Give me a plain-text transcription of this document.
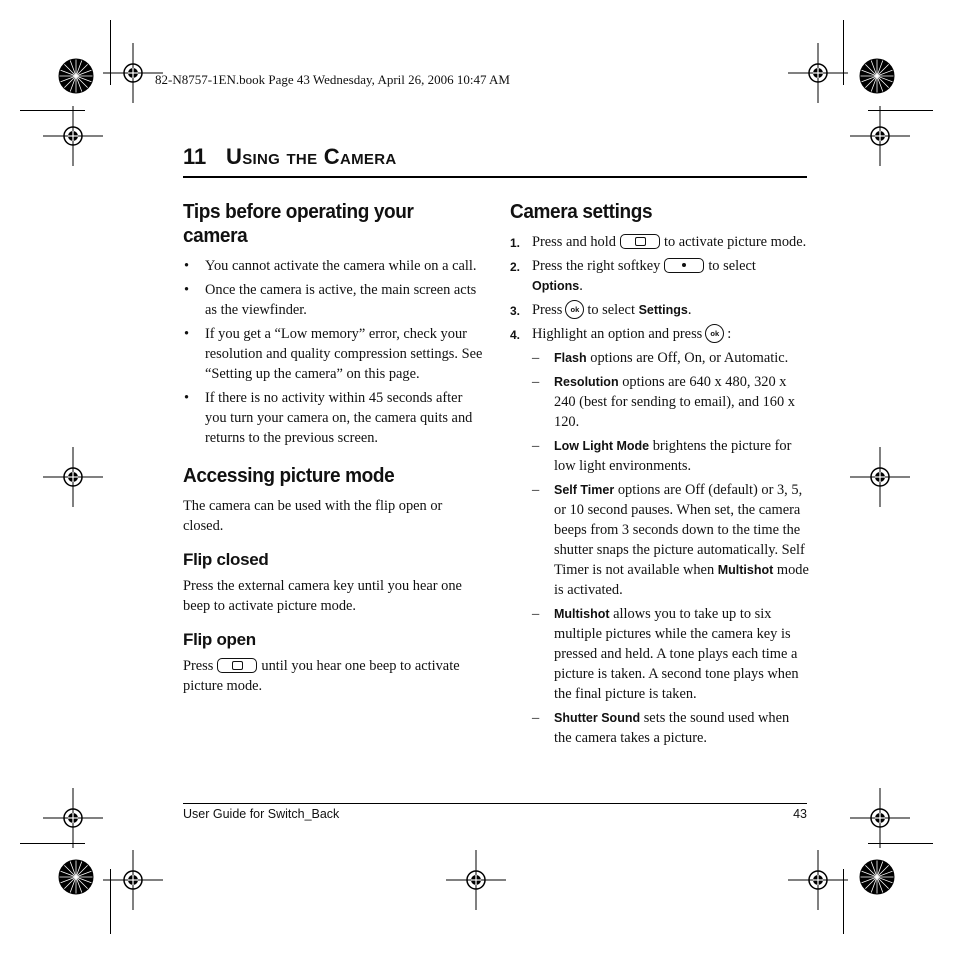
82-N8757-1EN.book Page 43 Wednesday, April 26, 2006 10:47 AM
11 Using the Camera
Tips before operating your camera
• You cannot activate the camera while on a call.
• Once the camera is active, the main screen acts as the viewfinder.
• If you get a “Low memory” error, check your resolution and quality compression settings. See “Setting up the camera” on this page.
• If there is no activity within 45 seconds after you turn your camera on, the camera quits and returns to the previous screen.
Accessing picture mode

The camera can be used with the flip open or closed.

Flip closed

Press the external camera key until you hear one beep to activate picture mode.

Flip open

Press	until you hear one beep to activate picture mode.

Camera settings
1. Press and hold	to activate picture mode.
2. Press the right softkey	to select Options.
3. Press ok to select Settings.
4. Highlight an option and press ok :
– Flash options are Off, On, or Automatic.
– Resolution options are 640 x 480, 320 x 240 (best for sending to email), and 160 x 120.
– Low Light Mode brightens the picture for low light environments.
– Self Timer options are Off (default) or 3, 5, or 10 second pauses. When set, the camera beeps from 3 seconds down to the time the shutter snaps the picture automatically. Self Timer is not available when Multishot mode is activated.
– Multishot allows you to take up to six multiple pictures while the camera key is pressed and held. A tone plays each time a picture is taken. A second tone plays when the final picture is taken.
– Shutter Sound sets the sound used when the camera takes a picture.
User Guide for Switch_Back	43
